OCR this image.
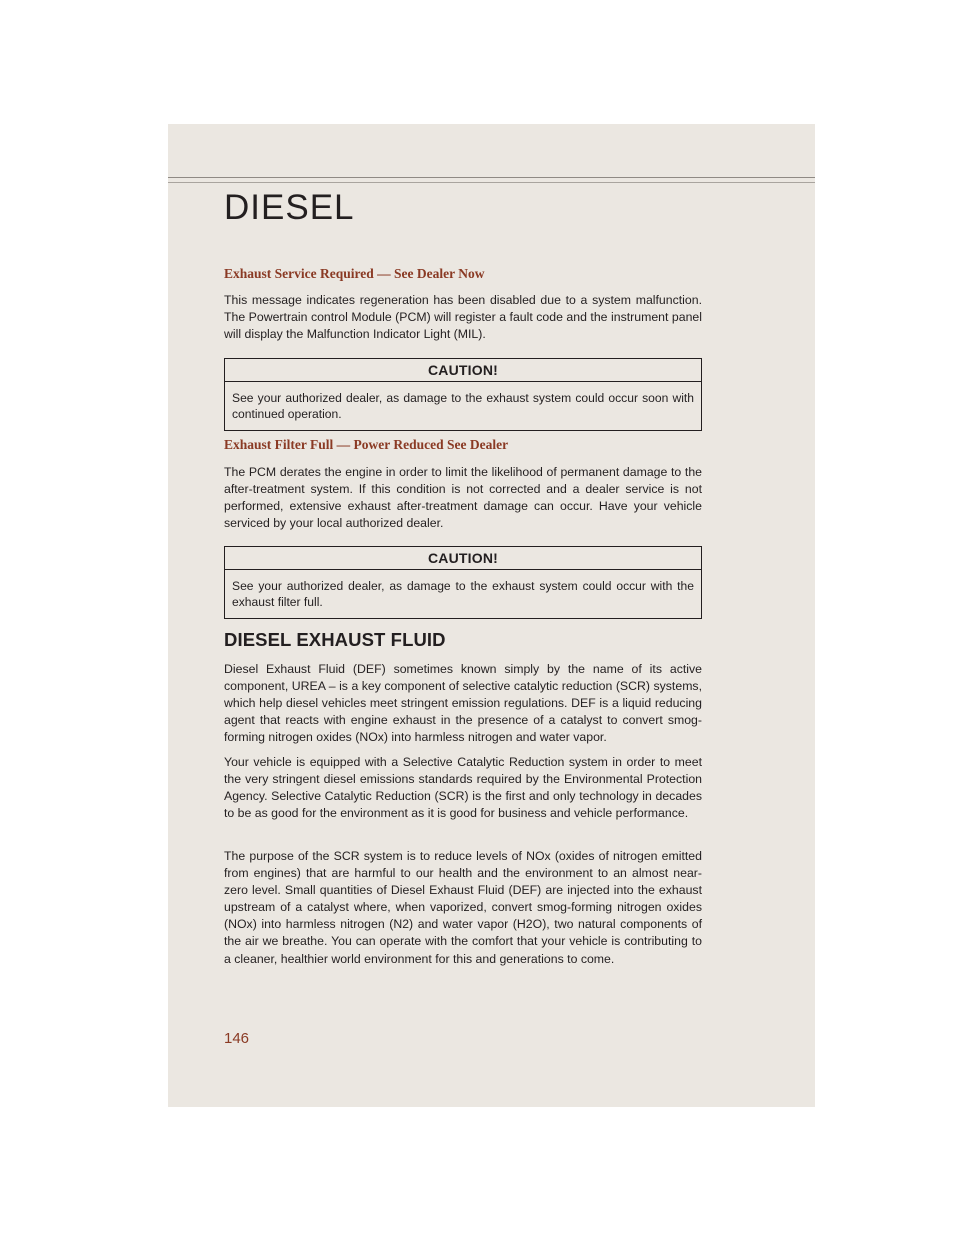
DIESEL
Exhaust Service Required — See Dealer Now

This message indicates regeneration has been disabled due to a system malfunction. The Powertrain control Module (PCM) will register a fault code and the instrument panel will display the Malfunction Indicator Light (MIL).

CAUTION!
See your authorized dealer, as damage to the exhaust system could occur soon with continued operation.
Exhaust Filter Full — Power Reduced See Dealer

The PCM derates the engine in order to limit the likelihood of permanent damage to the after-treatment system. If this condition is not corrected and a dealer service is not performed, extensive exhaust after-treatment damage can occur. Have your vehicle serviced by your local authorized dealer.

CAUTION!
See your authorized dealer, as damage to the exhaust system could occur with the exhaust filter full.
DIESEL EXHAUST FLUID

Diesel Exhaust Fluid (DEF) sometimes known simply by the name of its active component, UREA – is a key component of selective catalytic reduction (SCR) systems, which help diesel vehicles meet stringent emission regulations. DEF is a liquid reducing agent that reacts with engine exhaust in the presence of a catalyst to convert smog-forming nitrogen oxides (NOx) into harmless nitrogen and water vapor.

Your vehicle is equipped with a Selective Catalytic Reduction system in order to meet the very stringent diesel emissions standards required by the Environmental Protection Agency. Selective Catalytic Reduction (SCR) is the first and only technology in decades to be as good for the environment as it is good for business and vehicle performance.

The purpose of the SCR system is to reduce levels of NOx (oxides of nitrogen emitted from engines) that are harmful to our health and the environment to an almost near-zero level. Small quantities of Diesel Exhaust Fluid (DEF) are injected into the exhaust upstream of a catalyst where, when vaporized, convert smog-forming nitrogen oxides (NOx) into harmless nitrogen (N2) and water vapor (H2O), two natural components of the air we breathe. You can operate with the comfort that your vehicle is contributing to a cleaner, healthier world environment for this and generations to come.

146
